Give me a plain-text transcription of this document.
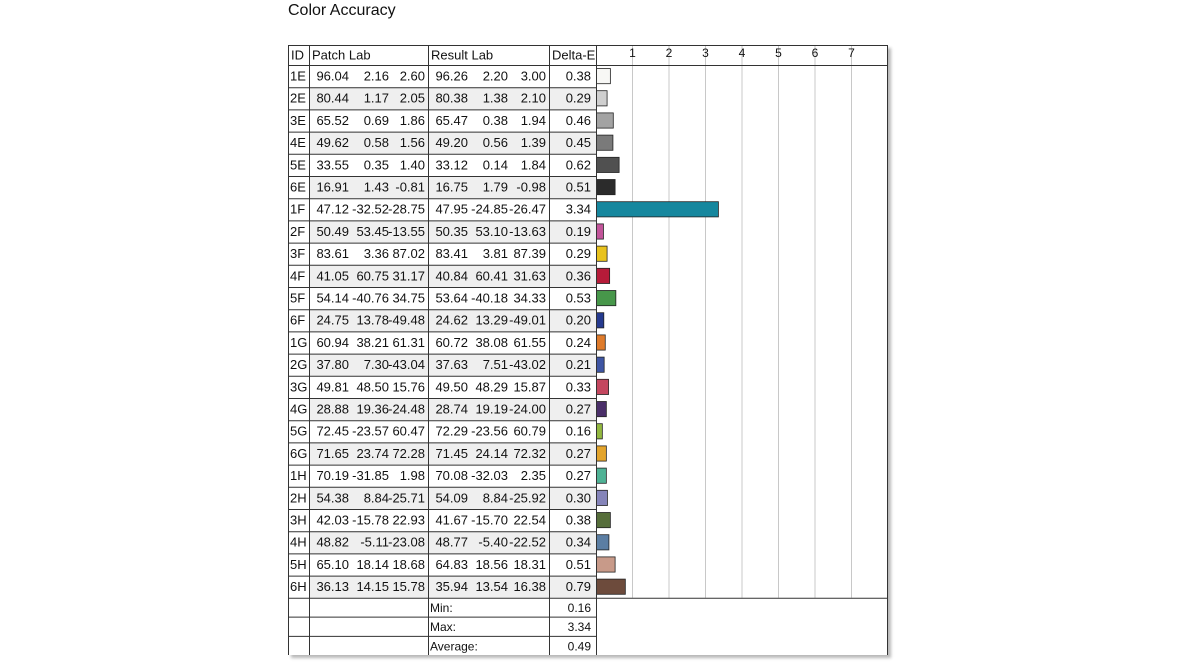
Color Accuracy
ID Patch Lab	Result Lab	Delta-E	1 2 3 4 5 6 7
1E 96.04 2.16 2.60 96.26 2.20 3.00 0.38
2E 80.44 1.17 2.05 80.38 1.38 2.10 0.29
3E 65.52 0.69 1.86 65.47 0.38 1.94 0.46
4E 49.62 0.58 1.56 49.20 0.56 1.39 0.45
5E 33.55 0.35 1.40 33.12 0.14 1.84 0.62
6E 16.91 1.43 -0.81 16.75 1.79 -0.98 0.51
1F 47.12 -32.52 -28.75 47.95 -24.85 -26.47 3.34
2F 50.49 53.45 -13.55 50.35 53.10 -13.63 0.19
3F 83.61 3.36 87.02 83.41 3.81 87.39 0.29
4F 41.05 60.75 31.17 40.84 60.41 31.63 0.36
5F 54.14 -40.76 34.75 53.64 -40.18 34.33 0.53
6F 24.75 13.78 -49.48 24.62 13.29 -49.01 0.20
1G 60.94 38.21 61.31 60.72 38.08 61.55 0.24
2G 37.80 7.30 -43.04 37.63 7.51 -43.02 0.21
3G 49.81 48.50 15.76 49.50 48.29 15.87 0.33
4G 28.88 19.36 -24.48 28.74 19.19 -24.00 0.27
5G 72.45 -23.57 60.47 72.29 -23.56 60.79 0.16
6G 71.65 23.74 72.28 71.45 24.14 72.32 0.27
1H 70.19 -31.85 1.98 70.08 -32.03 2.35 0.27
2H 54.38 8.84 -25.71 54.09 8.84 -25.92 0.30
3H 42.03 -15.78 22.93 41.67 -15.70 22.54 0.38
4H 48.82 -5.11 -23.08 48.77 -5.40 -22.52 0.34
5H 65.10 18.14 18.68 64.83 18.56 18.31 0.51
6H 36.13 14.15 15.78 35.94 13.54 16.38 0.79
Min:	0.16
Max:	3.34
Average:	0.49
